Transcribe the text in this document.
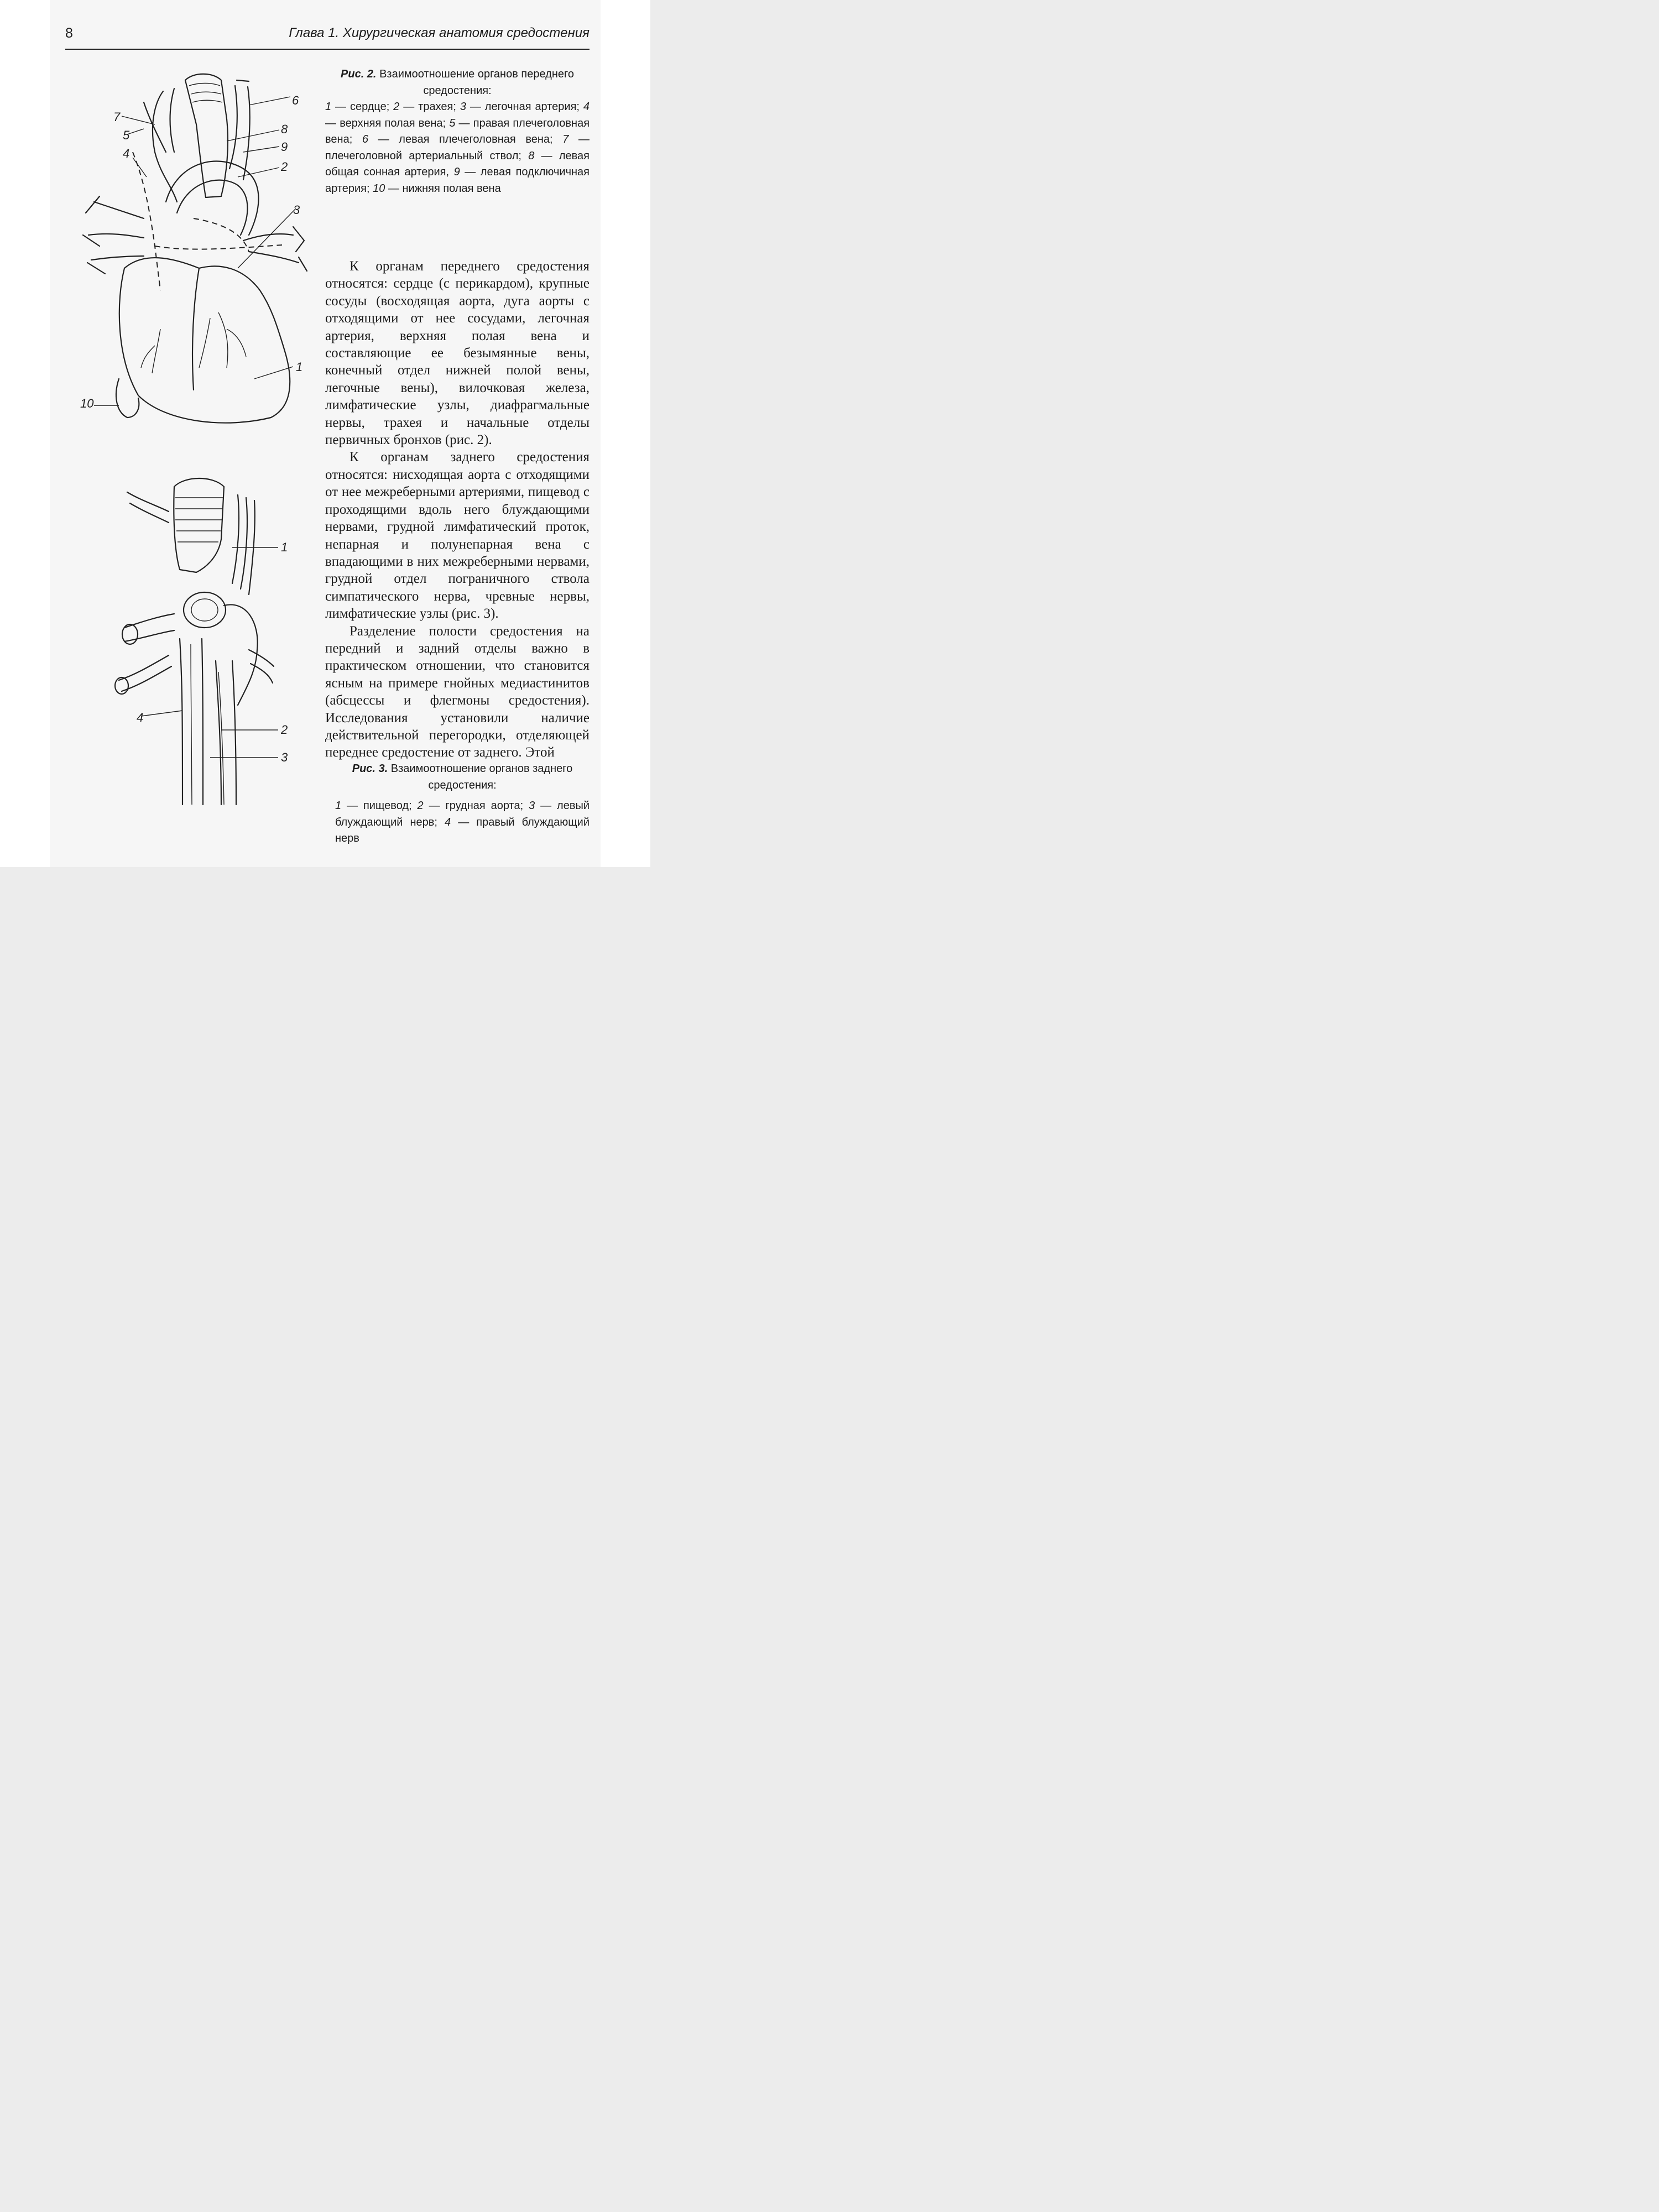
8	Глава 1. Хирургическая анатомия средостения
Рис. 2. Взаимоотношение органов переднего средостения:
1 — сердце; 2 — трахея; 3 — легочная артерия; 4 — верхняя полая вена; 5 — правая плечеголовная вена; 6 — левая плечеголовная вена; 7 — плечеголовной артериальный ствол; 8 — левая общая сонная артерия, 9 — левая подключичная артерия; 10 — нижняя полая вена
6
8
9
2
3
1
10
7
5
4

К органам переднего средостения относятся: сердце (с перикардом), крупные сосуды (восходящая аорта, дуга аорты с отходящими от нее сосудами, легочная артерия, верхняя полая вена и составляющие ее безымянные вены, конечный отдел нижней полой вены, легочные вены), вилочковая железа, лимфатические узлы, диафрагмальные нервы, трахея и начальные отделы первичных бронхов (рис. 2).

К органам заднего средостения относятся: нисходящая аорта с отходящими от нее межреберными артериями, пищевод с проходящими вдоль него блуждающими нервами, грудной лимфатический проток, непарная и полунепарная вена с впадающими в них межреберными нервами, грудной отдел пограничного ствола симпатического нерва, чревные нервы, лимфатические узлы (рис. 3).

Разделение полости средостения на передний и задний отделы важно в практическом отношении, что становится ясным на примере гнойных медиастинитов (абсцессы и флегмоны средостения). Исследования установили наличие действительной перегородки, отделяющей переднее средостение от заднего. Этой

1
4
2
3
Рис. 3. Взаимоотношение органов заднего средостения:
1 — пищевод; 2 — грудная аорта; 3 — левый блуждающий нерв; 4 — правый блуждающий нерв
